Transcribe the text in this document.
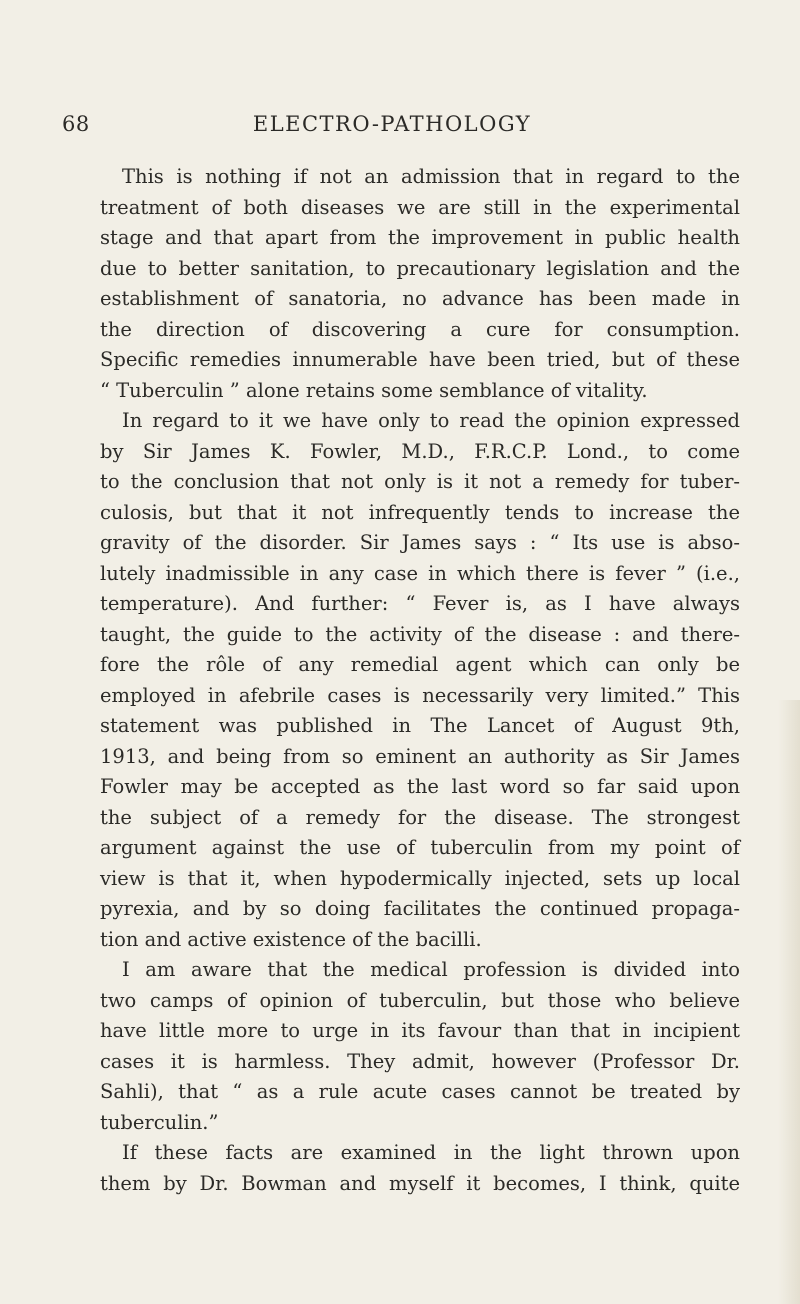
68	ELECTRO-PATHOLOGY
This is nothing if not an admission that in regard to the
treatment of both diseases we are still in the experimental
stage and that apart from the improvement in public health
due to better sanitation, to precautionary legislation and the
establishment of sanatoria, no advance has been made in
the direction of discovering a cure for consumption.
Specific remedies innumerable have been tried, but of these
“ Tuberculin ” alone retains some semblance of vitality.
In regard to it we have only to read the opinion expressed
by Sir James K. Fowler, M.D., F.R.C.P. Lond., to come
to the conclusion that not only is it not a remedy for tuber-
culosis, but that it not infrequently tends to increase the
gravity of the disorder. Sir James says : “ Its use is abso-
lutely inadmissible in any case in which there is fever ” (i.e.,
temperature). And further: “ Fever is, as I have always
taught, the guide to the activity of the disease : and there-
fore the rôle of any remedial agent which can only be
employed in afebrile cases is necessarily very limited.” This
statement was published in The Lancet of August 9th,
1913, and being from so eminent an authority as Sir James
Fowler may be accepted as the last word so far said upon
the subject of a remedy for the disease. The strongest
argument against the use of tuberculin from my point of
view is that it, when hypodermically injected, sets up local
pyrexia, and by so doing facilitates the continued propaga-
tion and active existence of the bacilli.
I am aware that the medical profession is divided into
two camps of opinion of tuberculin, but those who believe
have little more to urge in its favour than that in incipient
cases it is harmless. They admit, however (Professor Dr.
Sahli), that “ as a rule acute cases cannot be treated by
tuberculin.”
If these facts are examined in the light thrown upon
them by Dr. Bowman and myself it becomes, I think, quite
